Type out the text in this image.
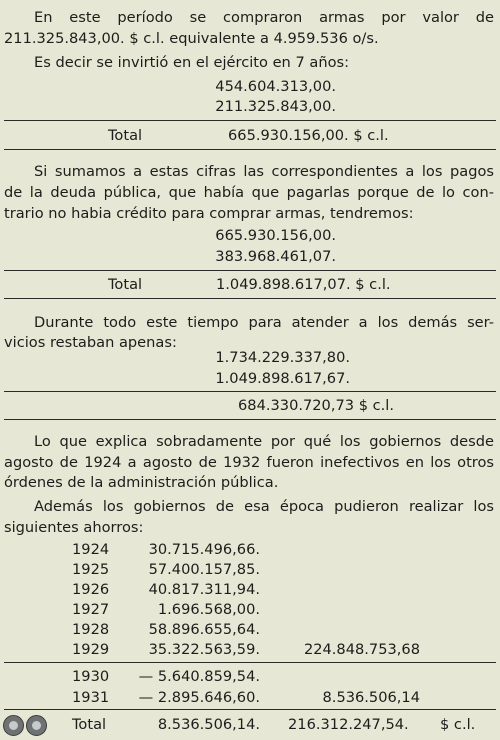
En este período se compraron armas por valor de
211.325.843,00. $ c.l. equivalente a 4.959.536 o/s.
Es decir se invirtió en el ejército en 7 años:
454.604.313,00.
211.325.843,00.
Total	665.930.156,00. $ c.l.
Si sumamos a estas cifras las correspondientes a los pagos
de la deuda pública, que había que pagarlas porque de lo con-
trario no habia crédito para comprar armas, tendremos:
665.930.156,00.
383.968.461,07.
Total	1.049.898.617,07. $ c.l.
Durante todo este tiempo para atender a los demás ser-
vicios restaban apenas:
1.734.229.337,80.
1.049.898.617,67.
684.330.720,73 $ c.l.
Lo que explica sobradamente por qué los gobiernos desde
agosto de 1924 a agosto de 1932 fueron inefectivos en los otros
órdenes de la administración pública.
Además los gobiernos de esa época pudieron realizar los
siguientes ahorros:
1924	30.715.496,66.
1925	57.400.157,85.
1926	40.817.311,94.
1927	1.696.568,00.
1928	58.896.655,64.
1929	35.322.563,59.	224.848.753,68
1930	— 5.640.859,54.
1931	— 2.895.646,60.	8.536.506,14
Total	8.536.506,14. 216.312.247,54. $ c.l.
